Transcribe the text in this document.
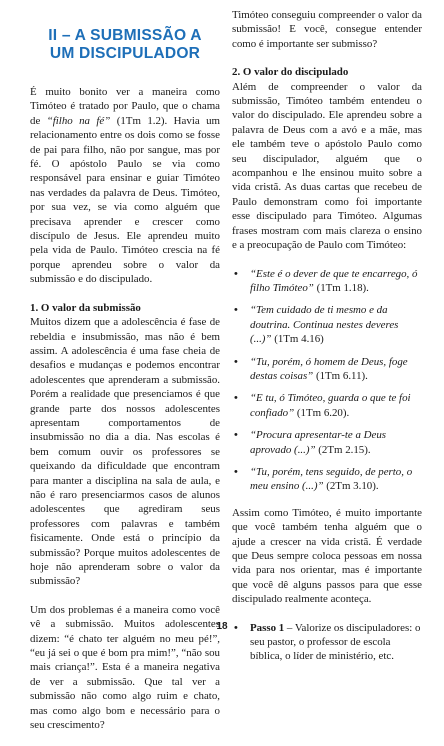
II – A SUBMISSÃO A
UM DISCIPULADOR

É muito bonito ver a maneira como Timóteo é tratado por Paulo, que o chama de “filho na fé” (1Tm 1.2). Havia um relacionamento entre os dois como se fosse de pai para filho, não por sangue, mas por fé. O apóstolo Paulo se via como responsável para ensinar e guiar Timóteo nas verdades da palavra de Deus. Timóteo, por sua vez, se via como alguém que precisava aprender e crescer como discípulo de Jesus. Ele aprendeu muito pela vida de Paulo. Timóteo crescia na fé porque aprendeu sobre o valor da submissão e do discipulado.

1. O valor da submissão

Muitos dizem que a adolescência é fase de rebeldia e insubmissão, mas não é bem assim. A adolescência é uma fase cheia de desafios e mudanças e podemos encontrar adolescentes que aprenderam a submissão. Porém a realidade que presenciamos é que grande parte dos nossos adolescentes apresentam comportamentos de insubmissão no dia a dia. Nas escolas é bem comum ouvir os professores se queixando da dificuldade que encontram para manter a disciplina na sala de aula, e não é raro presenciarmos casos de alunos adolescentes que agrediram seus professores com palavras e também fisicamente. Onde está o princípio da submissão? Porque muitos adolescentes de hoje não aprenderam sobre o valor da submissão?

Um dos problemas é a maneira como você vê a submissão. Muitos adolescentes dizem: “é chato ter alguém no meu pé!”, “eu já sei o que é bom pra mim!”, “não sou mais criança!”. Esta é a maneira negativa de ver a submissão. Que tal ver a submissão não como algo ruim e chato, mas como algo bom e necessário para o seu crescimento?

Timóteo conseguiu compreender o valor da submissão! E você, consegue entender como é importante ser submisso?

2. O valor do discipulado

Além de compreender o valor da submissão, Timóteo também entendeu o valor do discipulado. Ele aprendeu sobre a palavra de Deus com a avó e a mãe, mas ele também teve o apóstolo Paulo como seu discipulador, alguém que o acompanhou e lhe ensinou muito sobre a vida cristã. As duas cartas que recebeu de Paulo demonstram como foi importante esse discipulado para Timóteo. Algumas frases mostram com mais clareza o ensino e a preocupação de Paulo com Timóteo:

• “Este é o dever de que te encarrego, ó filho Timóteo” (1Tm 1.18).
• “Tem cuidado de ti mesmo e da doutrina. Continua nestes deveres (...)” (1Tm 4.16)
• “Tu, porém, ó homem de Deus, foge destas coisas” (1Tm 6.11).
• “E tu, ó Timóteo, guarda o que te foi confiado” (1Tm 6.20).
• “Procura apresentar-te a Deus aprovado (...)” (2Tm 2.15).
• “Tu, porém, tens seguido, de perto, o meu ensino (...)” (2Tm 3.10).

Assim como Timóteo, é muito importante que você também tenha alguém que o ajude a crescer na vida cristã. É verdade que Deus sempre coloca pessoas em nossa vida para nos orientar, mas é importante que você dê alguns passos para que esse discipulado realmente aconteça.

• Passo 1 – Valorize os discipuladores: o seu pastor, o professor de escola bíblica, o líder de ministério, etc.

18
